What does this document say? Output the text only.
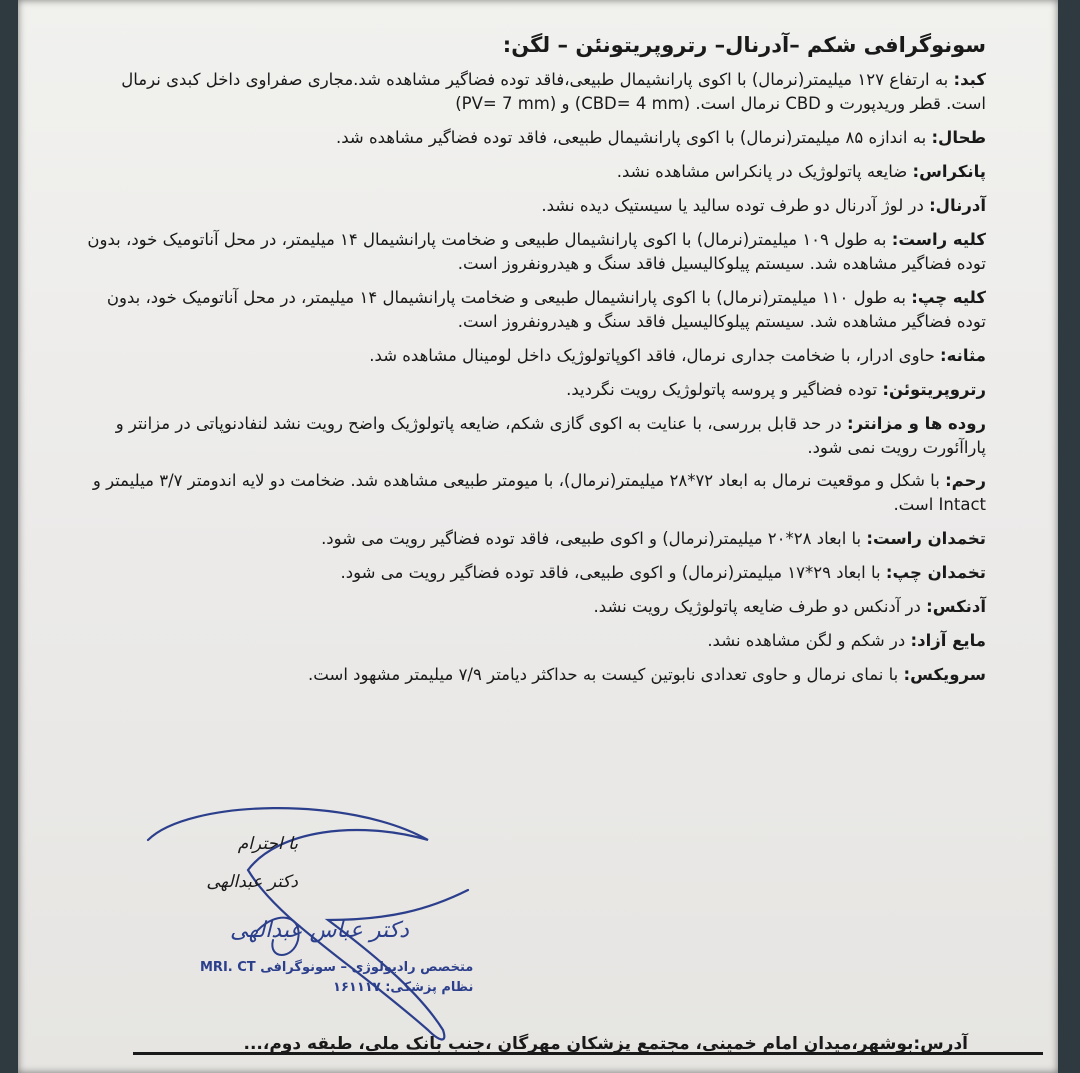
سونوگرافی شکم –آدرنال– رتروپریتونئن – لگن:
کبد: به ارتفاع ۱۲۷ میلیمتر(نرمال) با اکوی پارانشیمال طبیعی،فاقد توده فضاگیر مشاهده شد.مجاری صفراوی داخل کبدی نرمال است. قطر وریدپورت و CBD نرمال است. (CBD= 4 mm) و (PV= 7 mm)
طحال: به اندازه ۸۵ میلیمتر(نرمال) با اکوی پارانشیمال طبیعی، فاقد توده فضاگیر مشاهده شد.
پانکراس: ضایعه پاتولوژیک در پانکراس مشاهده نشد.
آدرنال: در لوژ آدرنال دو طرف توده سالید یا سیستیک دیده نشد.
کلیه راست: به طول ۱۰۹ میلیمتر(نرمال) با اکوی پارانشیمال طبیعی و ضخامت پارانشیمال ۱۴ میلیمتر، در محل آناتومیک خود، بدون توده فضاگیر مشاهده شد. سیستم پیلوکالیسیل فاقد سنگ و هیدرونفروز است.
کلیه چپ: به طول ۱۱۰ میلیمتر(نرمال) با اکوی پارانشیمال طبیعی و ضخامت پارانشیمال ۱۴ میلیمتر، در محل آناتومیک خود، بدون توده فضاگیر مشاهده شد. سیستم پیلوکالیسیل فاقد سنگ و هیدرونفروز است.
مثانه: حاوی ادرار، با ضخامت جداری نرمال، فاقد اکوپاتولوژیک داخل لومینال مشاهده شد.
رتروپریتوئن: توده فضاگیر و پروسه پاتولوژیک رویت نگردید.
روده ها و مزانتر: در حد قابل بررسی، با عنایت به اکوی گازی شکم، ضایعه پاتولوژیک واضح رویت نشد لنفادنوپاتی در مزانتر و پاراآئورت رویت نمی شود.
رحم: با شکل و موقعیت نرمال به ابعاد ۷۲*۲۸ میلیمتر(نرمال)، با میومتر طبیعی مشاهده شد. ضخامت دو لایه اندومتر ۳/۷ میلیمتر و Intact است.
تخمدان راست: با ابعاد ۲۸*۲۰ میلیمتر(نرمال) و اکوی طبیعی، فاقد توده فضاگیر رویت می شود.
تخمدان چپ: با ابعاد ۲۹*۱۷ میلیمتر(نرمال) و اکوی طبیعی، فاقد توده فضاگیر رویت می شود.
آدنکس: در آدنکس دو طرف ضایعه پاتولوژیک رویت نشد.
مایع آزاد: در شکم و لگن مشاهده نشد.
سرویکس: با نمای نرمال و حاوی تعدادی نابوتین کیست به حداکثر دیامتر ۷/۹ میلیمتر مشهود است.
با احترام
دکتر عبدالهی
دکتر عباس عبدالهی
متخصص رادیولوژی – سونوگرافی MRI. CT
نظام پزشکی: ۱۶۱۱۱۷
آدرس:بوشهر،میدان امام خمینی، مجتمع پزشکان مهرگان ،جنب بانک ملی، طبقه دوم،...
